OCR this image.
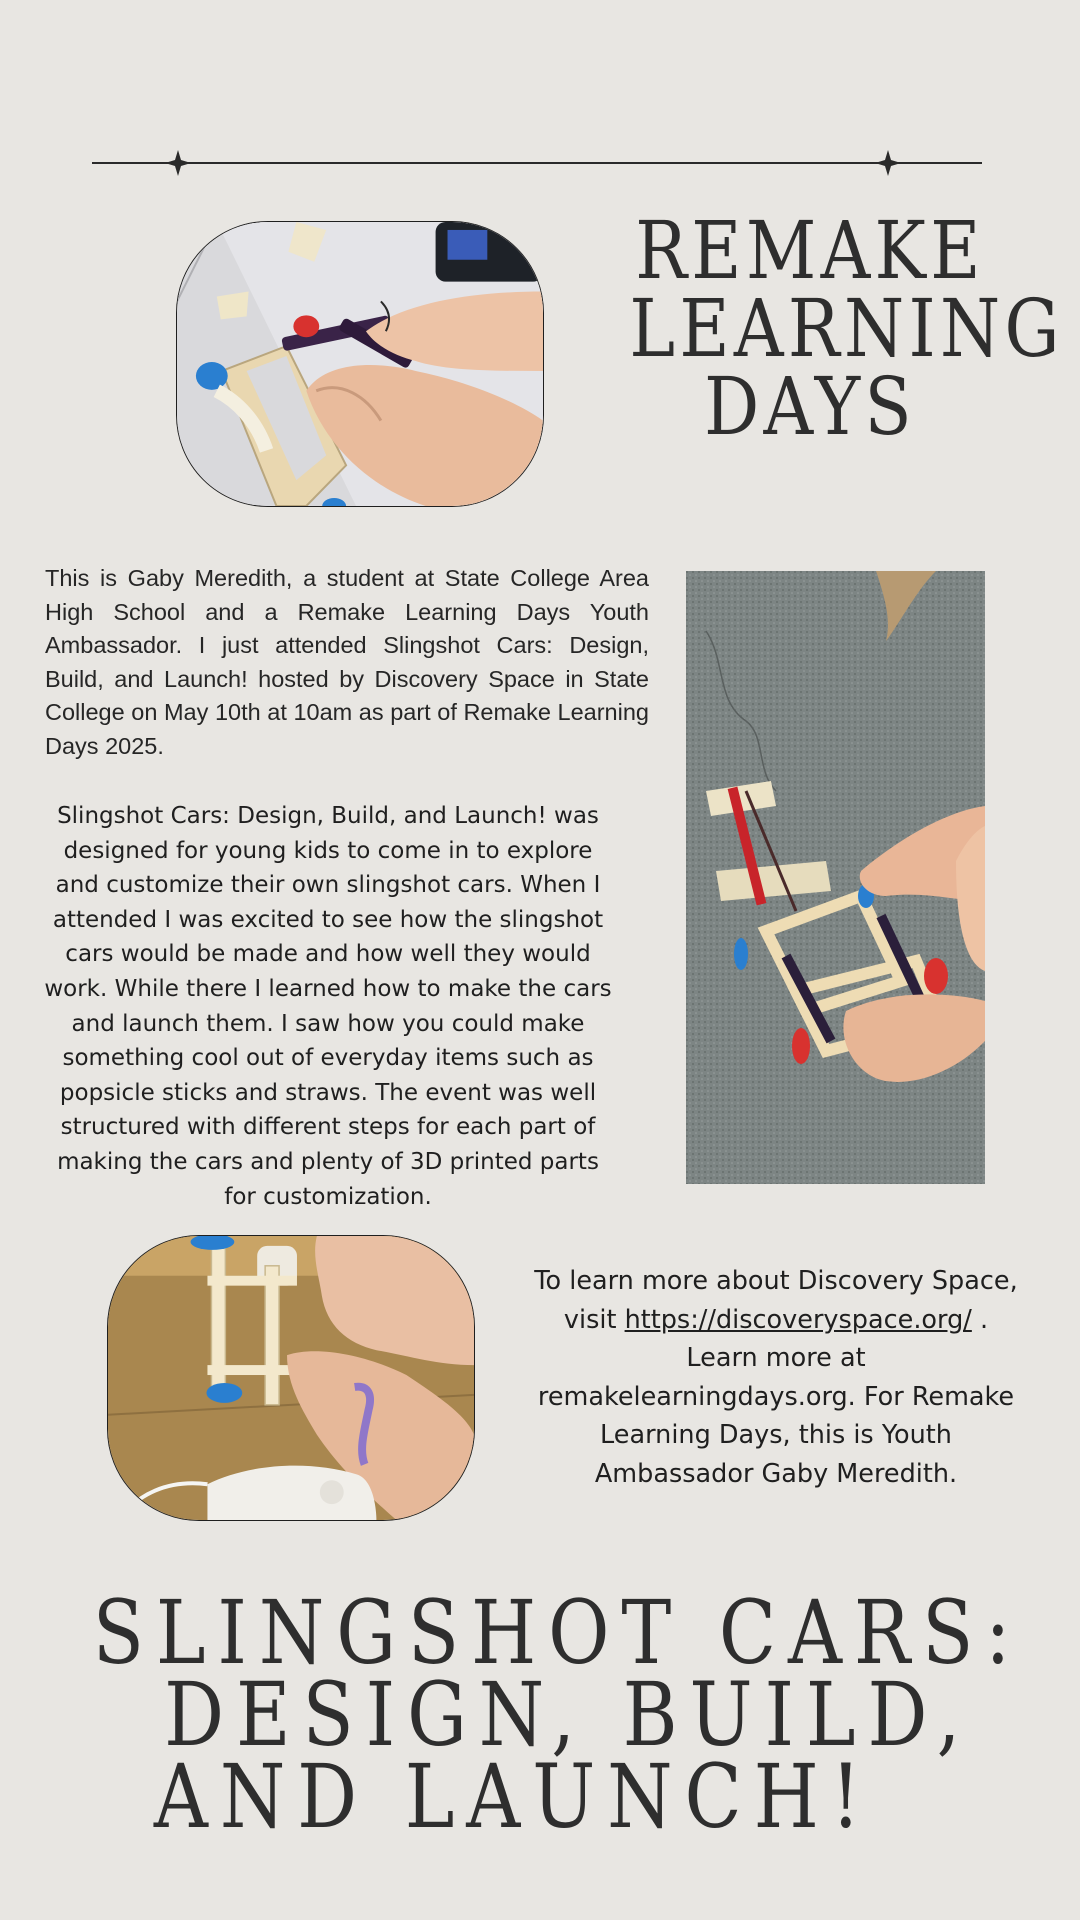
REMAKE
LEARNING
DAYS

This is Gaby Meredith, a student at State College Area High School and a Remake Learning Days Youth Ambassador. I just attended Slingshot Cars: Design, Build, and Launch! hosted by Discovery Space in State College on May 10th at 10am as part of Remake Learning Days 2025.

Slingshot Cars: Design, Build, and Launch! was designed for young kids to come in to explore and customize their own slingshot cars. When I attended I was excited to see how the slingshot cars would be made and how well they would work. While there I learned how to make the cars and launch them. I saw how you could make something cool out of everyday items such as popsicle sticks and straws. The event was well structured with different steps for each part of making the cars and plenty of 3D printed parts for customization.

To learn more about Discovery Space, visit https://discoveryspace.org/ . Learn more at remakelearningdays.org. For Remake Learning Days, this is Youth Ambassador Gaby Meredith.

SLINGSHOT CARS:
DESIGN, BUILD,
AND LAUNCH!
